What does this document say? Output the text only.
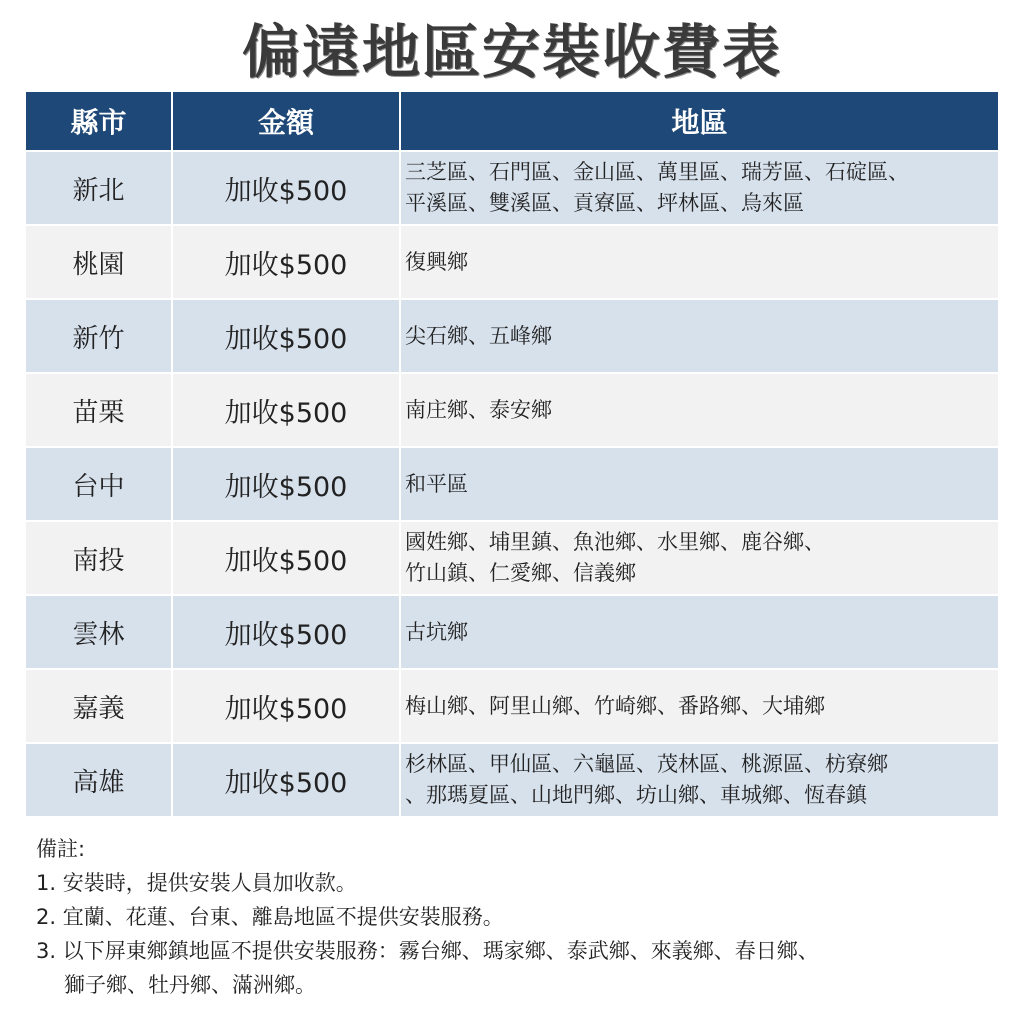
偏遠地區安裝收費表
縣市	金額	地區
新北	加收$500	三芝區、石門區、金山區、萬里區、瑞芳區、石碇區、
平溪區、雙溪區、貢寮區、坪林區、烏來區
桃園	加收$500	復興鄉
新竹	加收$500	尖石鄉、五峰鄉
苗栗	加收$500	南庄鄉、泰安鄉
台中	加收$500	和平區
南投	加收$500	國姓鄉、埔里鎮、魚池鄉、水里鄉、鹿谷鄉、
竹山鎮、仁愛鄉、信義鄉
雲林	加收$500	古坑鄉
嘉義	加收$500	梅山鄉、阿里山鄉、竹崎鄉、番路鄉、大埔鄉
高雄	加收$500	杉林區、甲仙區、六龜區、茂林區、桃源區、枋寮鄉
、那瑪夏區、山地門鄉、坊山鄉、車城鄉、恆春鎮
備註:
1. 安裝時，提供安裝人員加收款。
2. 宜蘭、花蓮、台東、離島地區不提供安裝服務。
3. 以下屏東鄉鎮地區不提供安裝服務：霧台鄉、瑪家鄉、泰武鄉、來義鄉、春日鄉、
獅子鄉、牡丹鄉、滿洲鄉。
